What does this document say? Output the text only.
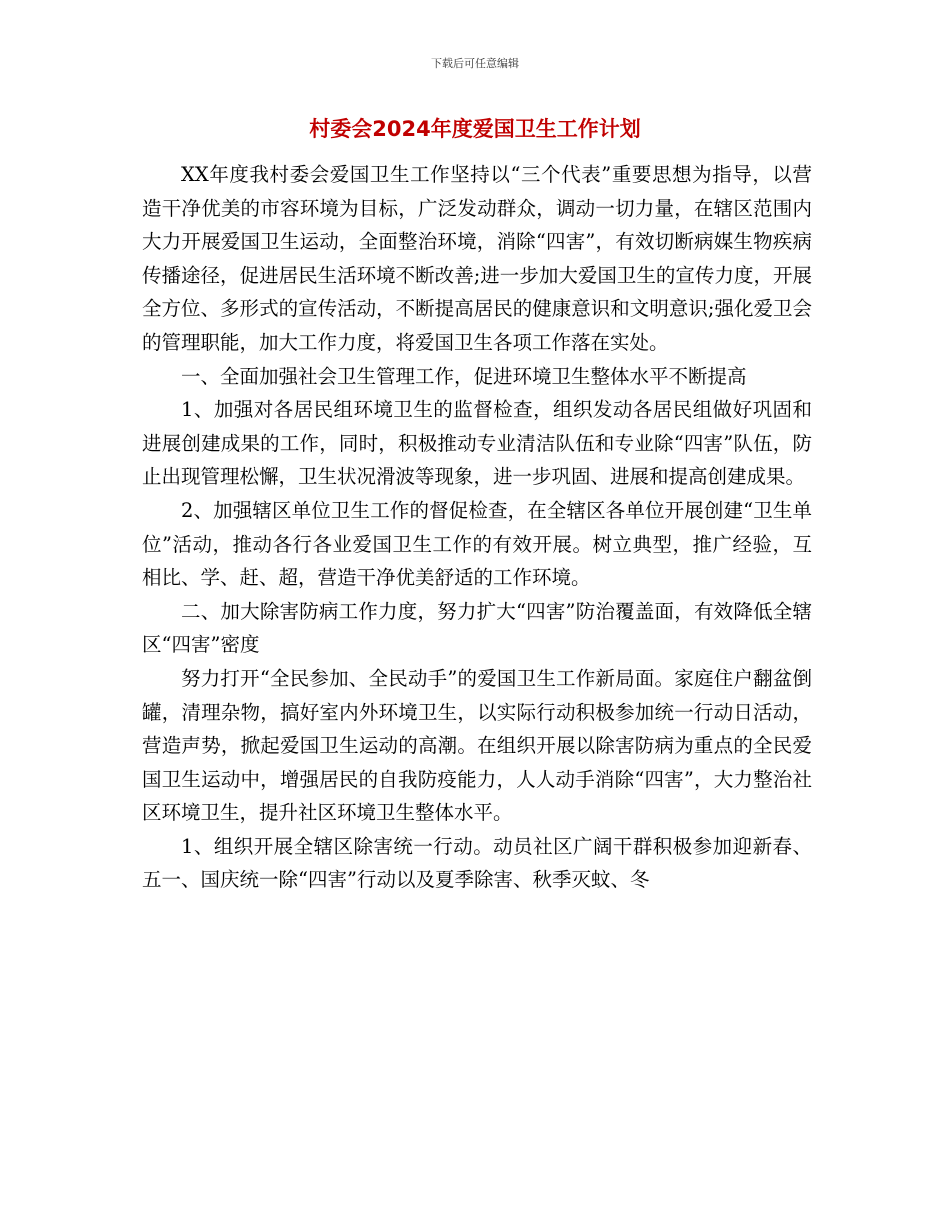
下载后可任意编辑
村委会2024年度爱国卫生工作计划

XX年度我村委会爱国卫生工作坚持以“三个代表”重要思想为指导，以营造干净优美的市容环境为目标，广泛发动群众，调动一切力量，在辖区范围内大力开展爱国卫生运动，全面整治环境，消除“四害”，有效切断病媒生物疾病传播途径，促进居民生活环境不断改善;进一步加大爱国卫生的宣传力度，开展全方位、多形式的宣传活动，不断提高居民的健康意识和文明意识;强化爱卫会的管理职能，加大工作力度，将爱国卫生各项工作落在实处。

一、全面加强社会卫生管理工作，促进环境卫生整体水平不断提高

1、加强对各居民组环境卫生的监督检查，组织发动各居民组做好巩固和进展创建成果的工作，同时，积极推动专业清洁队伍和专业除“四害”队伍，防止出现管理松懈，卫生状况滑波等现象，进一步巩固、进展和提高创建成果。

2、加强辖区单位卫生工作的督促检查，在全辖区各单位开展创建“卫生单位”活动，推动各行各业爱国卫生工作的有效开展。树立典型，推广经验，互相比、学、赶、超，营造干净优美舒适的工作环境。

二、加大除害防病工作力度，努力扩大“四害”防治覆盖面，有效降低全辖区“四害”密度

努力打开“全民参加、全民动手”的爱国卫生工作新局面。家庭住户翻盆倒罐，清理杂物，搞好室内外环境卫生，以实际行动积极参加统一行动日活动，营造声势，掀起爱国卫生运动的高潮。在组织开展以除害防病为重点的全民爱国卫生运动中，增强居民的自我防疫能力，人人动手消除“四害”，大力整治社区环境卫生，提升社区环境卫生整体水平。

1、组织开展全辖区除害统一行动。动员社区广阔干群积极参加迎新春、五一、国庆统一除“四害”行动以及夏季除害、秋季灭蚊、冬
